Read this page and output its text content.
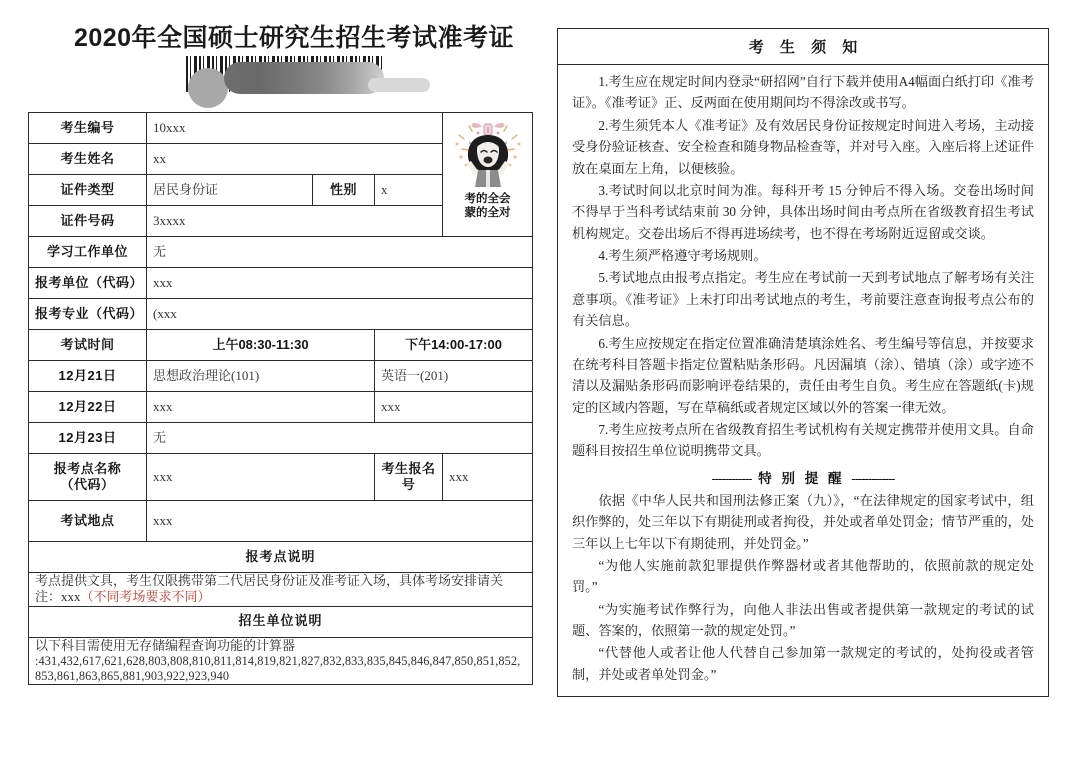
2020年全国硕士研究生招生考试准考证
考生编号	10xxx			考的全会
蒙的全对

考生姓名	xx			
证件类型	居民身份证	性别	x	
证件号码	3xxxx			
学习工作单位	无			
报考单位（代码）	xxx			
报考专业（代码）	(xxx			
考试时间	上午08:30-11:30		下午14:00-17:00	
12月21日	思想政治理论(101)		英语一(201)	
12月22日	xxx		xxx	
12月23日	无			
报考点名称
（代码）	xxx		考生报名号	xxx
考试地点	xxx			
报考点说明				
考点提供文具，考生仅限携带第二代居民身份证及准考证入场，具体考场安排请关注：xxx（不同考场要求不同）				
招生单位说明				

以下科目需使用无存储编程查询功能的计算器
:431,432,617,621,628,803,808,810,811,814,819,821,827,832,833,835,845,846,847,850,851,852,853,861,863,865,881,903,922,923,940				
考 生 须 知

1.考生应在规定时间内登录“研招网”自行下载并使用A4幅面白纸打印《准考证》。《准考证》正、反两面在使用期间均不得涂改或书写。

2.考生须凭本人《准考证》及有效居民身份证按规定时间进入考场，主动接受身份验证核查、安全检查和随身物品检查等，并对号入座。入座后将上述证件放在桌面左上角，以便核验。

3.考试时间以北京时间为准。每科开考 15 分钟后不得入场。交卷出场时间不得早于当科考试结束前 30 分钟，具体出场时间由考点所在省级教育招生考试机构规定。交卷出场后不得再进场续考，也不得在考场附近逗留或交谈。

4.考生须严格遵守考场规则。

5.考试地点由报考点指定。考生应在考试前一天到考试地点了解考场有关注意事项。《准考证》上未打印出考试地点的考生，考前要注意查询报考点公布的有关信息。

6.考生应按规定在指定位置准确清楚填涂姓名、考生编号等信息，并按要求在统考科目答题卡指定位置粘贴条形码。凡因漏填（涂）、错填（涂）或字迹不清以及漏贴条形码而影响评卷结果的，责任由考生自负。考生应在答题纸(卡)规定的区域内答题，写在草稿纸或者规定区域以外的答案一律无效。

7.考生应按考点所在省级教育招生考试机构有关规定携带并使用文具。自命题科目按招生单位说明携带文具。

------------ 特 别 提 醒 -------------

依据《中华人民共和国刑法修正案（九）》，“在法律规定的国家考试中，组织作弊的，处三年以下有期徒刑或者拘役，并处或者单处罚金；情节严重的，处三年以上七年以下有期徒刑，并处罚金。”

“为他人实施前款犯罪提供作弊器材或者其他帮助的，依照前款的规定处罚。”

“为实施考试作弊行为，向他人非法出售或者提供第一款规定的考试的试题、答案的，依照第一款的规定处罚。”

“代替他人或者让他人代替自己参加第一款规定的考试的，处拘役或者管制，并处或者单处罚金。”
